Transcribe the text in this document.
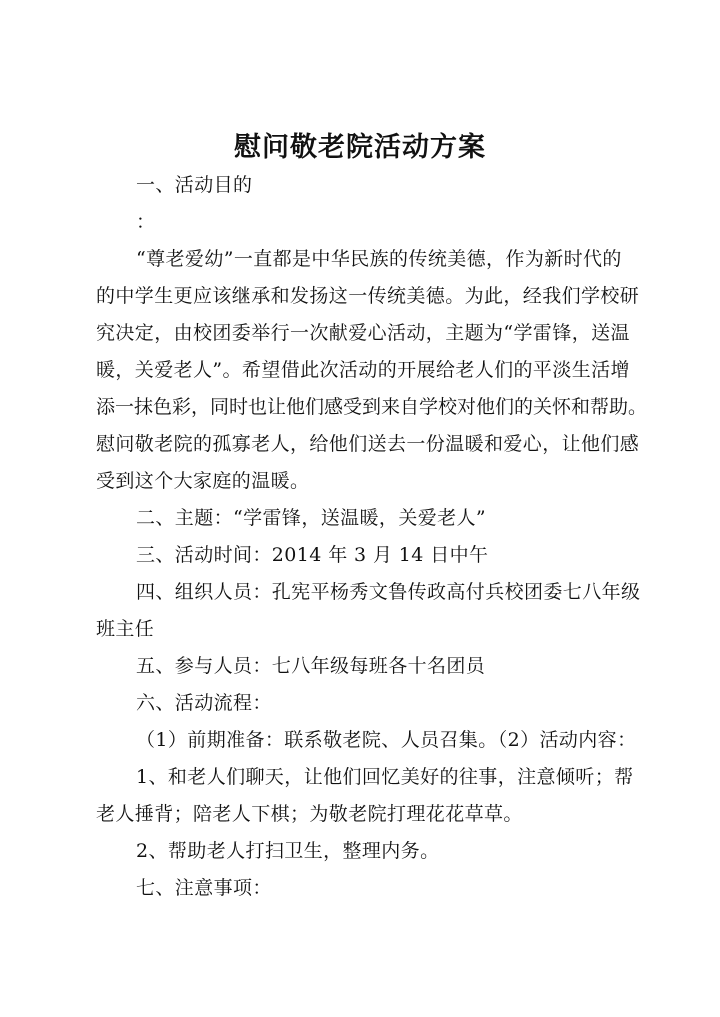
慰问敬老院活动方案
一、活动目的
：
“尊老爱幼”一直都是中华民族的传统美德，作为新时代的
的中学生更应该继承和发扬这一传统美德。为此，经我们学校研
究决定，由校团委举行一次献爱心活动，主题为“学雷锋，送温
暖，关爱老人”。希望借此次活动的开展给老人们的平淡生活增
添一抹色彩，同时也让他们感受到来自学校对他们的关怀和帮助。
慰问敬老院的孤寡老人，给他们送去一份温暖和爱心，让他们感
受到这个大家庭的温暖。
二、主题：“学雷锋，送温暖，关爱老人”
三、活动时间：2014 年 3 月 14 日中午
四、组织人员：孔宪平杨秀文鲁传政高付兵校团委七八年级
班主任
五、参与人员：七八年级每班各十名团员
六、活动流程：
（1）前期准备：联系敬老院、人员召集。（2）活动内容：
1、和老人们聊天，让他们回忆美好的往事，注意倾听；帮
老人捶背；陪老人下棋；为敬老院打理花花草草。
2、帮助老人打扫卫生，整理内务。
七、注意事项：
